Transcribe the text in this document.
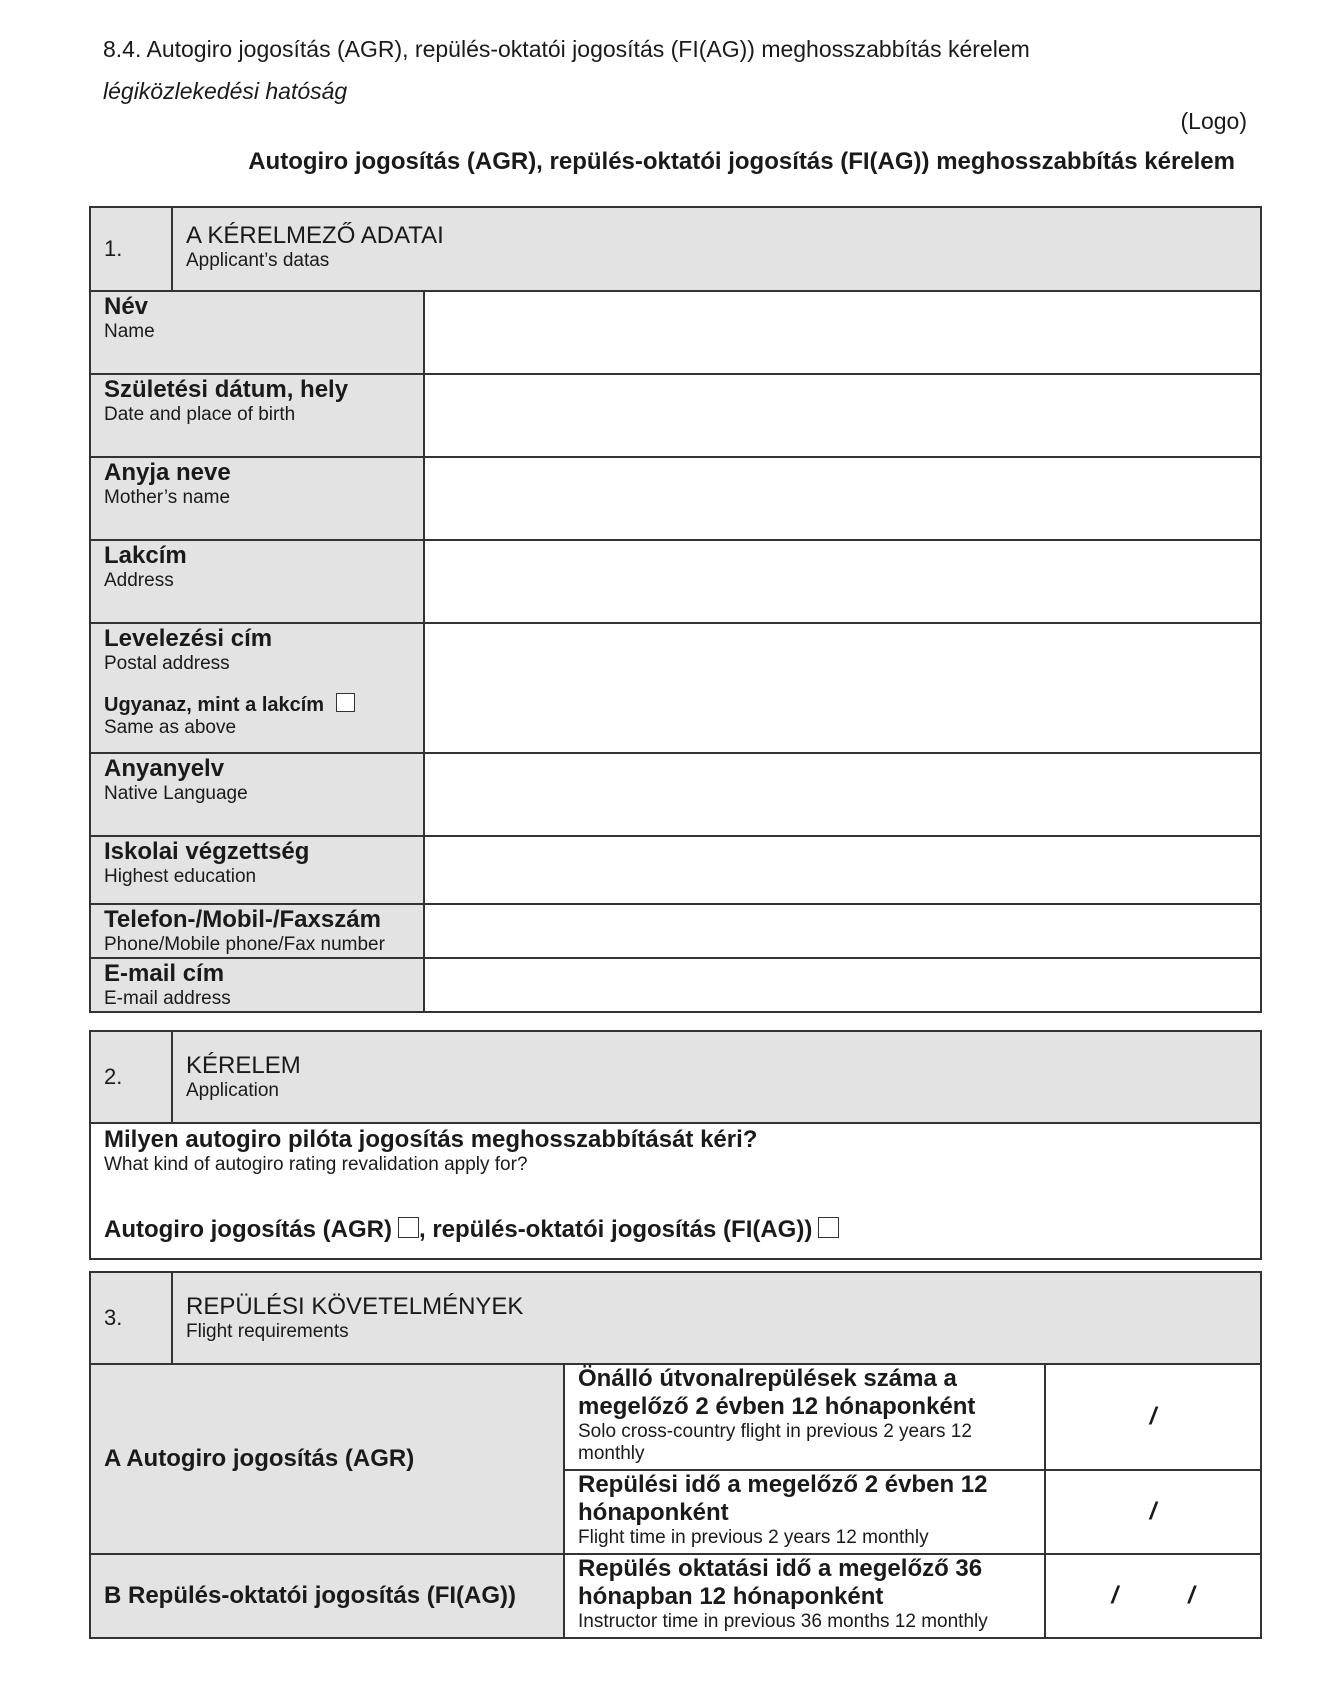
8.4. Autogiro jogosítás (AGR), repülés-oktatói jogosítás (FI(AG)) meghosszabbítás kérelem
légiközlekedési hatóság
(Logo)
Autogiro jogosítás (AGR), repülés-oktatói jogosítás (FI(AG)) meghosszabbítás kérelem
1.	A KÉRELMEZŐ ADATAI
Applicant’s datas	

Név
Name		

Születési dátum, hely
Date and place of birth		

Anyja neve
Mother’s name		

Lakcím
Address		

Levelezési cím
Postal address
Ugyanaz, mint a lakcím
Same as above		

Anyanyelv
Native Language		

Iskolai végzettség
Highest education		

Telefon-/Mobil-/Faxszám
Phone/Mobile phone/Fax number		

E-mail cím
E-mail address		

2.	KÉRELEM
Application

Milyen autogiro pilóta jogosítás meghosszabbítását kéri?
What kind of autogiro rating revalidation apply for?
Autogiro jogosítás (AGR) , repülés-oktatói jogosítás (FI(AG))
3.	REPÜLÉSI KÖVETELMÉNYEK
Flight requirements		

A Autogiro jogosítás (AGR)		Önálló útvonalrepülések száma a megelőző 2 évben 12 hónaponként
Solo cross-country flight in previous 2 years 12 monthly	/

		Repülési idő a megelőző 2 évben 12 hónaponként
Flight time in previous 2 years 12 monthly	/
B Repülés-oktatói jogosítás (FI(AG))		Repülés oktatási idő a megelőző 36 hónapban 12 hónaponként
Instructor time in previous 36 months 12 monthly	/ /
